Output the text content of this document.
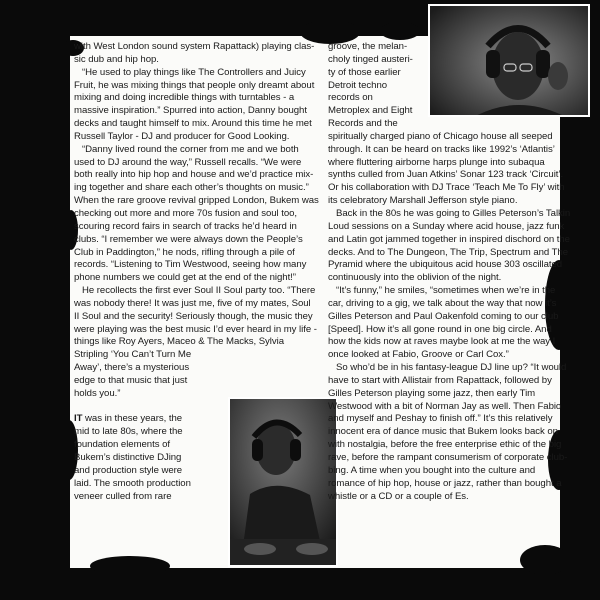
with West London sound system Rapattack) playing clas-

sic dub and hip hop.

“He used to play things like The Controllers and Juicy

Fruit, he was mixing things that people only dreamt about

mixing and doing incredible things with turntables - a

massive inspiration.” Spurred into action, Danny bought

decks and taught himself to mix. Around this time he met

Russell Taylor - DJ and producer for Good Looking.

“Danny lived round the corner from me and we both

used to DJ around the way,” Russell recalls. “We were

both really into hip hop and house and we’d practice mix-

ing together and share each other’s thoughts on music.”

When the rare groove revival gripped London, Bukem was

checking out more and more 70s fusion and soul too,

scouring record fairs in search of tracks he’d heard in

clubs. “I remember we were always down the People’s

Club in Paddington,” he nods, rifling through a pile of

records. “Listening to Tim Westwood, seeing how many

phone numbers we could get at the end of the night!”

He recollects the first ever Soul II Soul party too. “There

was nobody there! It was just me, five of my mates, Soul

II Soul and the security! Seriously though, the music they

were playing was the best music I’d ever heard in my life -

things like Roy Ayers, Maceo & The Macks, Sylvia

Stripling ‘You Can’t Turn Me

Away’, there’s a mysterious

edge to that music that just

holds you.”

IT was in these years, the

mid to late 80s, where the

foundation elements of

Bukem’s distinctive DJing

and production style were

laid. The smooth production

veneer culled from rare

groove, the melan-

choly tinged austeri-

ty of those earlier

Detroit techno

records on

Metroplex and Eight

Records and the

spiritually charged piano of Chicago house all seeped

through. It can be heard on tracks like 1992’s ‘Atlantis’

where fluttering airborne harps plunge into subaqua

synths culled from Juan Atkins’ Sonar 123 track ‘Circuit’.

Or his collaboration with DJ Trace ‘Teach Me To Fly’ with

its celebratory Marshall Jefferson style piano.

Back in the 80s he was going to Gilles Peterson’s Talkin

Loud sessions on a Sunday where acid house, jazz funk

and Latin got jammed together in inspired dischord on the

decks. And to The Dungeon, The Trip, Spectrum and The

Pyramid where the ubiquitous acid house 303 oscillated

continuously into the oblivion of the night.

“It’s funny,” he smiles, “sometimes when we’re in the

car, driving to a gig, we talk about the way that now it’s

Gilles Peterson and Paul Oakenfold coming to our club

[Speed]. How it’s all gone round in one big circle. And

how the kids now at raves maybe look at me the way I

once looked at Fabio, Groove or Carl Cox.”

So who’d be in his fantasy-league DJ line up? “It would

have to start with Allistair from Rapattack, followed by

Gilles Peterson playing some jazz, then early Tim

Westwood with a bit of Norman Jay as well. Then Fabio

and myself and Peshay to finish off.” It’s this relatively

innocent era of dance music that Bukem looks back on

with nostalgia, before the free enterprise ethic of the big

rave, before the rampant consumerism of corporate club-

bing. A time when you bought into the culture and

romance of hip hop, house or jazz, rather than bought a

whistle or a CD or a couple of Es.
